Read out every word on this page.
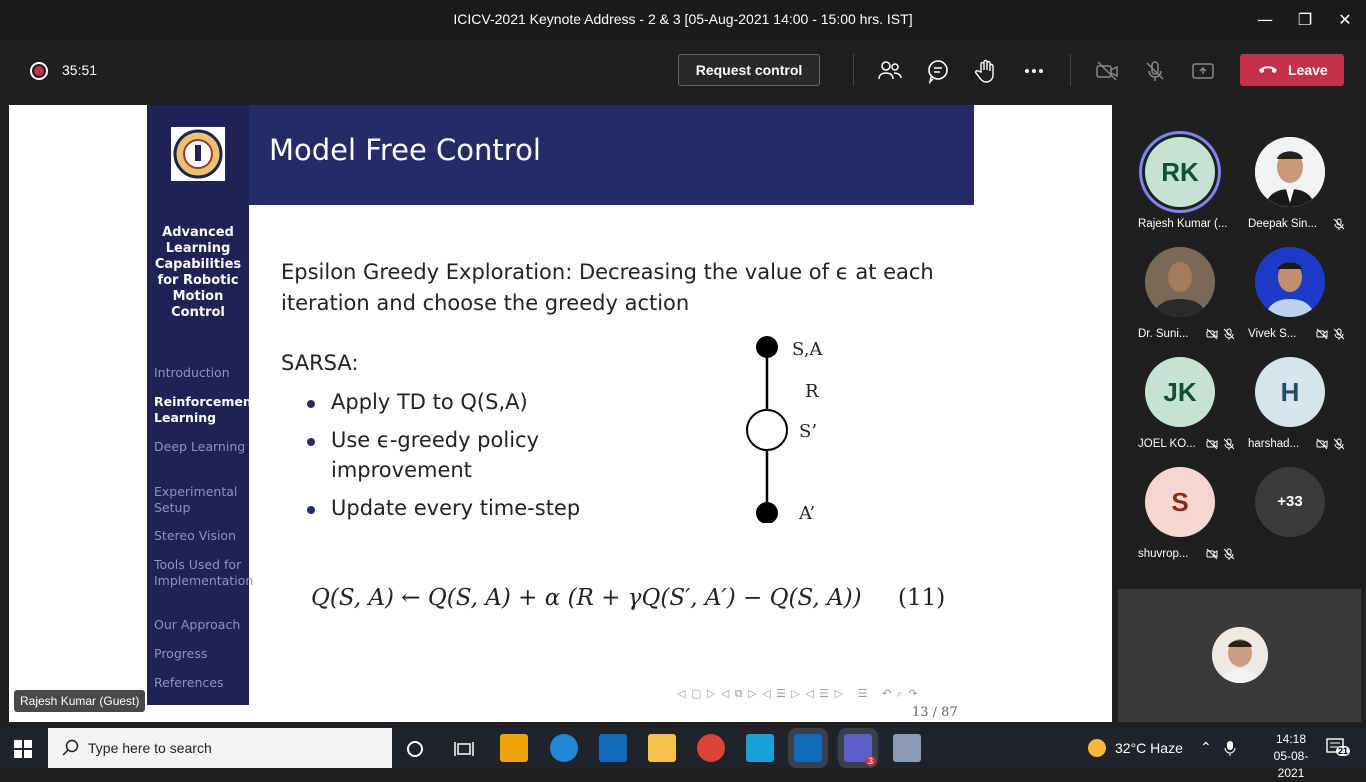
ICICV-2021 Keynote Address - 2 & 3 [05-Aug-2021 14:00 - 15:00 hrs. IST]	—	❐	✕
35:51	Request control	Leave
Model Free Control
Advanced Learning Capabilities for Robotic Motion Control
Introduction
Reinforcement Learning
Deep Learning
Experimental Setup
Stereo Vision
Tools Used for Implementation
Our Approach
Progress
References
Epsilon Greedy Exploration: Decreasing the value of ϵ at each iteration and choose the greedy action
SARSA:
Apply TD to Q(S,A)
Use ϵ-greedy policy improvement
Update every time-step
S,A
R
S’
A’
Q(S, A) ← Q(S, A) + α (R + γQ(S′, A′) − Q(S, A))	(11)
◁ ▢ ▷ ◁ ⧉ ▷ ◁ ☰ ▷ ◁ ☰ ▷   ☰   ↶ ⌕ ↷
13 / 87
Rajesh Kumar (Guest)
RK
Rajesh Kumar (... Deepak Sin...
Dr. Suni...	Vivek S...
JK
JOEL KO...
H
harshad...
S
shuvrop...
+33
Type here to search
3
32°C Haze ⌃
14:18
05-08-2021
21
